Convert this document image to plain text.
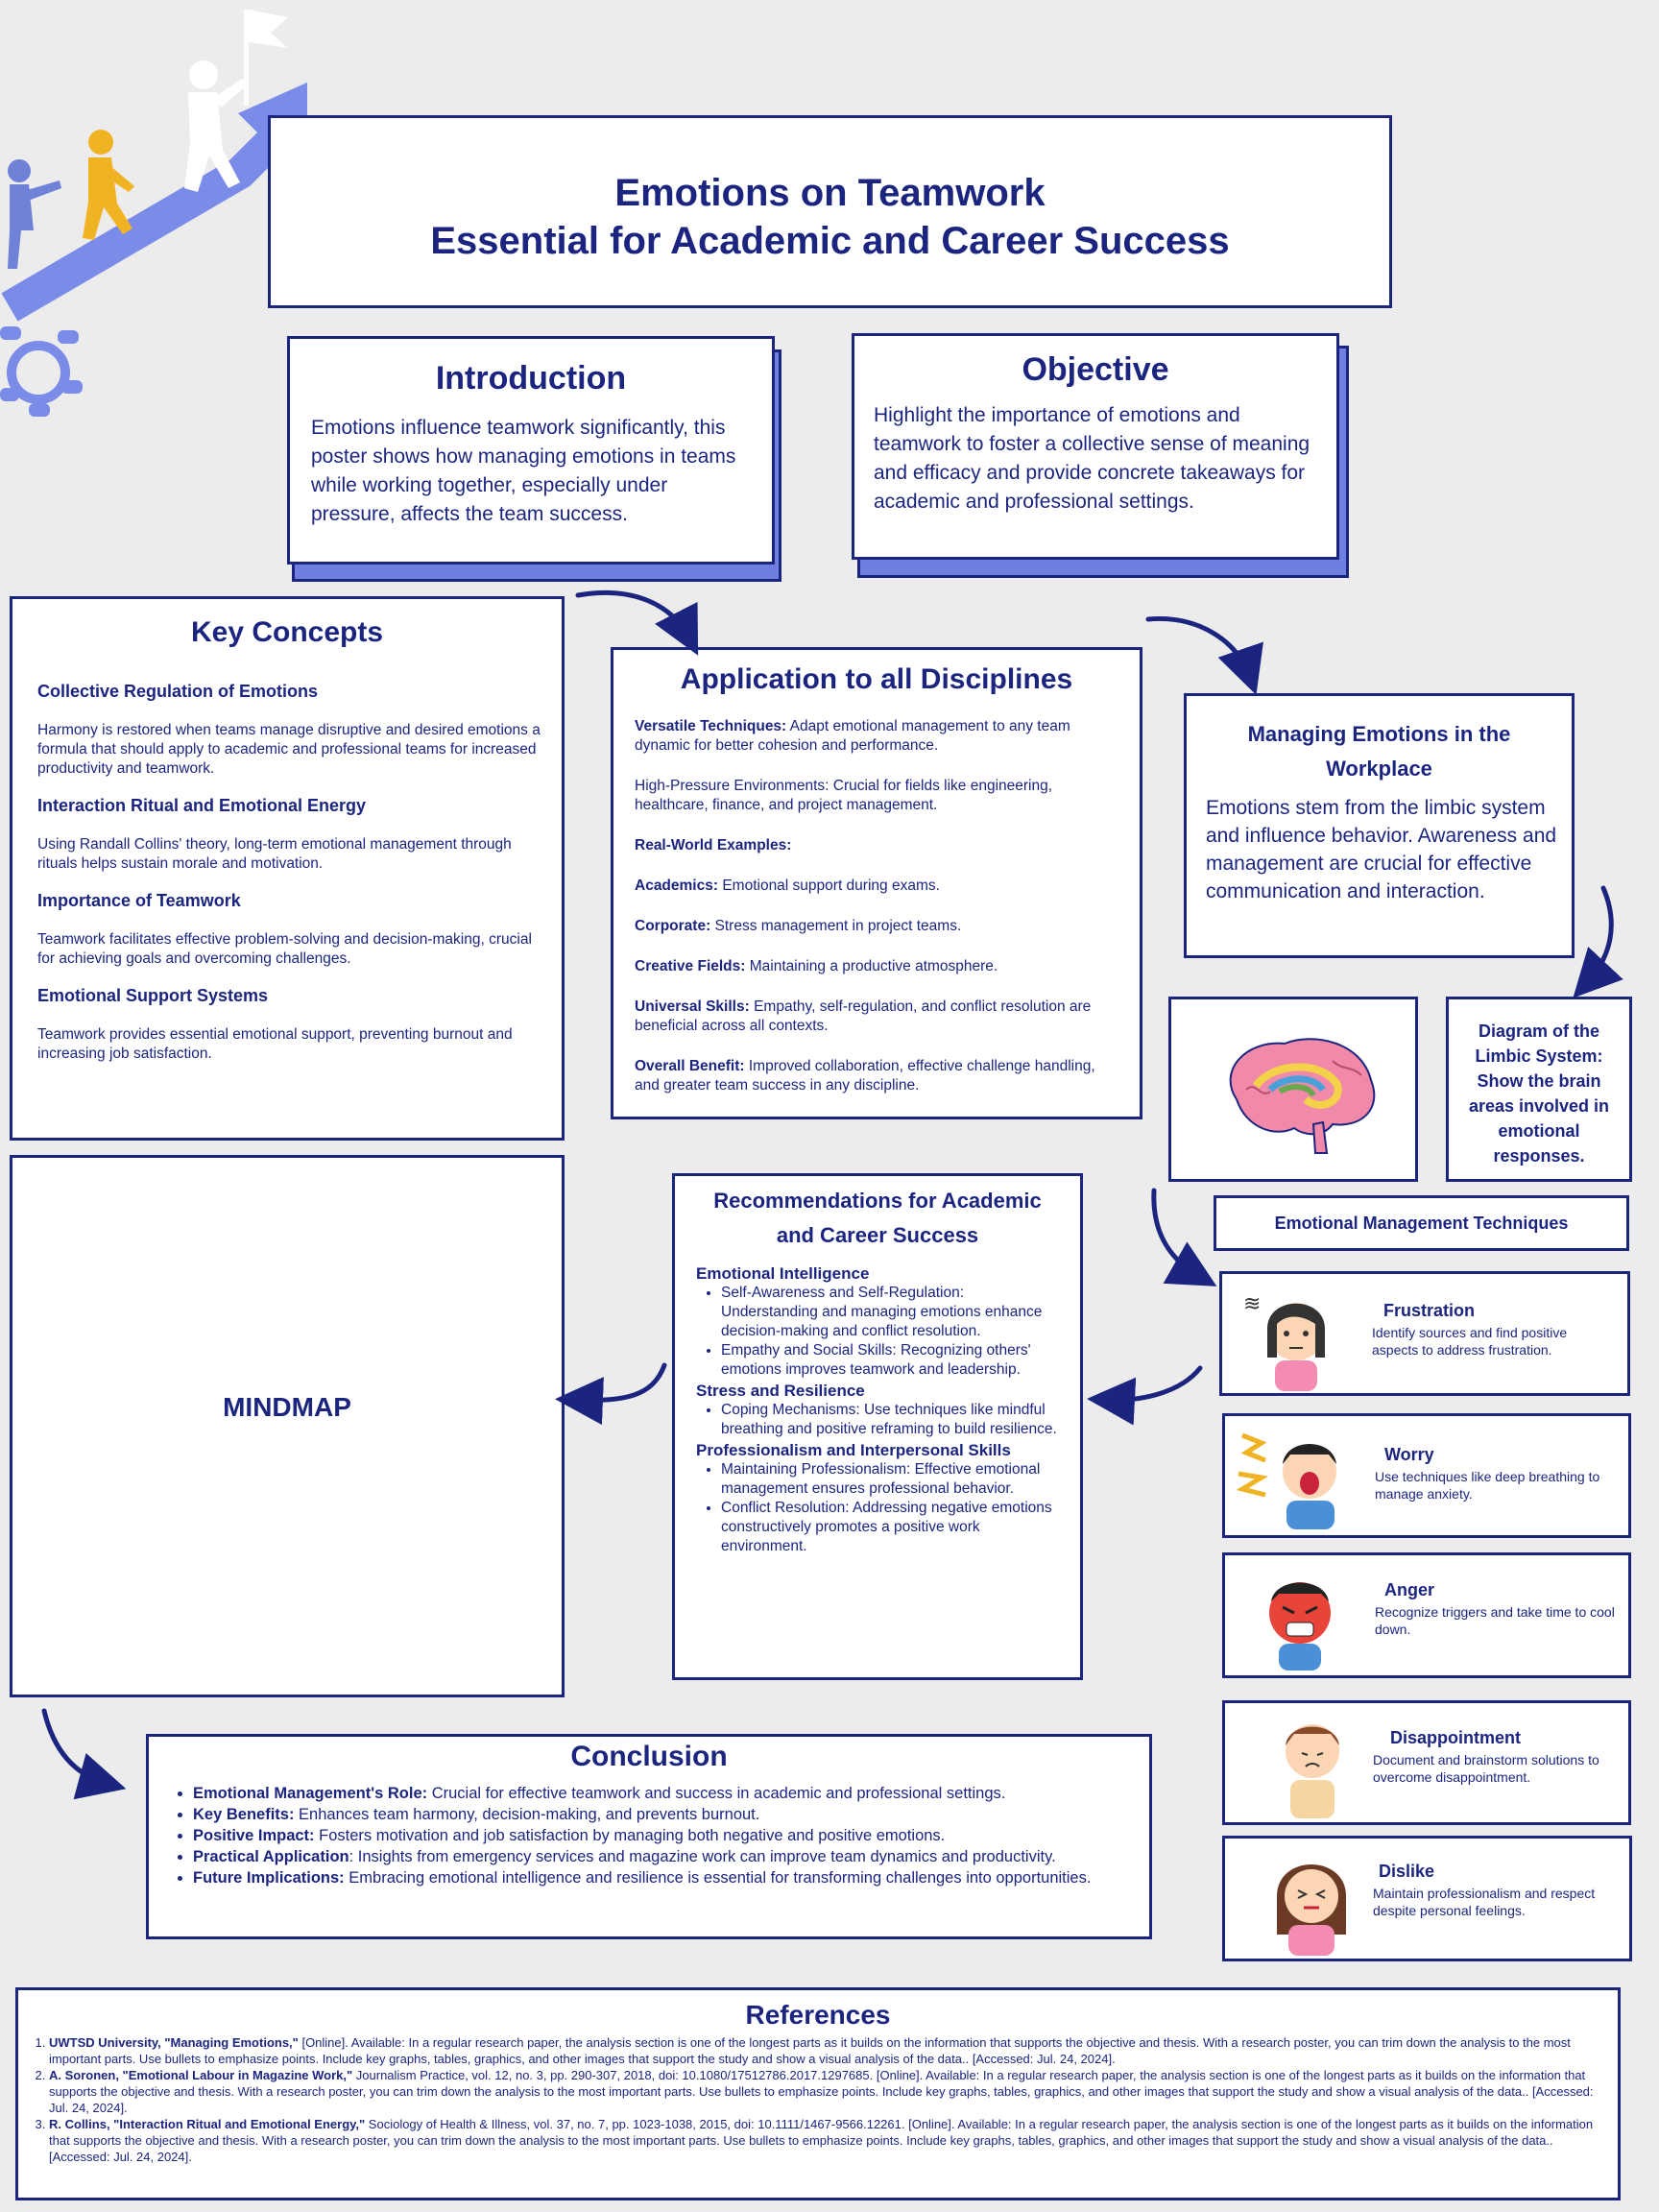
Emotions on Teamwork
Essential for Academic and Career Success
Introduction
Emotions influence teamwork significantly, this poster shows how managing emotions in teams while working together, especially under pressure, affects the team success.
Objective
Highlight the importance of emotions and teamwork to foster a collective sense of meaning and efficacy and provide concrete takeaways for academic and professional settings.
Key Concepts

Collective Regulation of Emotions

Harmony is restored when teams manage disruptive and desired emotions a formula that should apply to academic and professional teams for increased productivity and teamwork.

Interaction Ritual and Emotional Energy

Using Randall Collins' theory, long-term emotional management through rituals helps sustain morale and motivation.

Importance of Teamwork

Teamwork facilitates effective problem-solving and decision-making, crucial for achieving goals and overcoming challenges.

Emotional Support Systems

Teamwork provides essential emotional support, preventing burnout and increasing job satisfaction.

Application to all Disciplines

Versatile Techniques: Adapt emotional management to any team dynamic for better cohesion and performance.

High-Pressure Environments: Crucial for fields like engineering, healthcare, finance, and project management.

Real-World Examples:

Academics: Emotional support during exams.

Corporate: Stress management in project teams.

Creative Fields: Maintaining a productive atmosphere.

Universal Skills: Empathy, self-regulation, and conflict resolution are beneficial across all contexts.

Overall Benefit: Improved collaboration, effective challenge handling, and greater team success in any discipline.

Managing Emotions in the Workplace
Emotions stem from the limbic system and influence behavior. Awareness and management are crucial for effective communication and interaction.
Diagram of the Limbic System: Show the brain areas involved in emotional responses.
MINDMAP
Recommendations for Academic and Career Success

Emotional Intelligence

• Self-Awareness and Self-Regulation: Understanding and managing emotions enhance decision-making and conflict resolution.
• Empathy and Social Skills: Recognizing others' emotions improves teamwork and leadership.

Stress and Resilience

• Coping Mechanisms: Use techniques like mindful breathing and positive reframing to build resilience.

Professionalism and Interpersonal Skills

• Maintaining Professionalism: Effective emotional management ensures professional behavior.
• Conflict Resolution: Addressing negative emotions constructively promotes a positive work environment.
Emotional Management Techniques
≋	Frustration
Identify sources and find positive aspects to address frustration.
Worry
Use techniques like deep breathing to manage anxiety.
Anger
Recognize triggers and take time to cool down.
Disappointment
Document and brainstorm solutions to overcome disappointment.
Dislike
Maintain professionalism and respect despite personal feelings.
Conclusion
• Emotional Management's Role: Crucial for effective teamwork and success in academic and professional settings.
• Key Benefits: Enhances team harmony, decision-making, and prevents burnout.
• Positive Impact: Fosters motivation and job satisfaction by managing both negative and positive emotions.
• Practical Application: Insights from emergency services and magazine work can improve team dynamics and productivity.
• Future Implications: Embracing emotional intelligence and resilience is essential for transforming challenges into opportunities.
References
1. UWTSD University, "Managing Emotions," [Online]. Available: In a regular research paper, the analysis section is one of the longest parts as it builds on the information that supports the objective and thesis. With a research poster, you can trim down the analysis to the most important parts. Use bullets to emphasize points. Include key graphs, tables, graphics, and other images that support the study and show a visual analysis of the data.. [Accessed: Jul. 24, 2024].
2. A. Soronen, "Emotional Labour in Magazine Work," Journalism Practice, vol. 12, no. 3, pp. 290-307, 2018, doi: 10.1080/17512786.2017.1297685. [Online]. Available: In a regular research paper, the analysis section is one of the longest parts as it builds on the information that supports the objective and thesis. With a research poster, you can trim down the analysis to the most important parts. Use bullets to emphasize points. Include key graphs, tables, graphics, and other images that support the study and show a visual analysis of the data.. [Accessed: Jul. 24, 2024].
3. R. Collins, "Interaction Ritual and Emotional Energy," Sociology of Health & Illness, vol. 37, no. 7, pp. 1023-1038, 2015, doi: 10.1111/1467-9566.12261. [Online]. Available: In a regular research paper, the analysis section is one of the longest parts as it builds on the information that supports the objective and thesis. With a research poster, you can trim down the analysis to the most important parts. Use bullets to emphasize points. Include key graphs, tables, graphics, and other images that support the study and show a visual analysis of the data.. [Accessed: Jul. 24, 2024].
